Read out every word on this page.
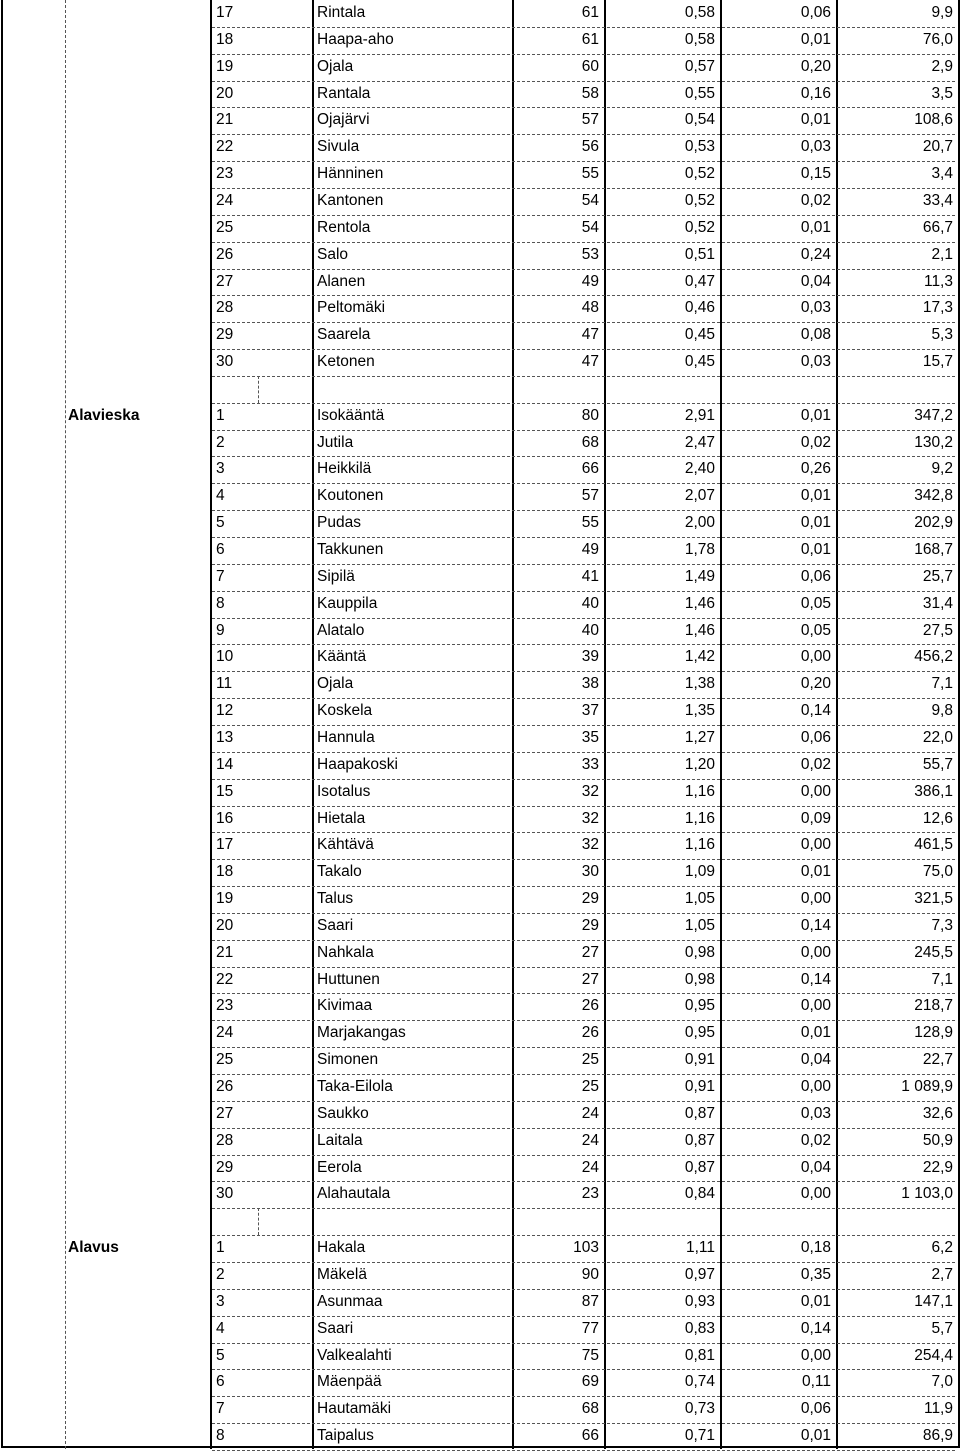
17	Rintala	61	0,58	0,06	9,9
18	Haapa-aho	61	0,58	0,01	76,0
19	Ojala	60	0,57	0,20	2,9
20	Rantala	58	0,55	0,16	3,5
21	Ojajärvi	57	0,54	0,01	108,6
22	Sivula	56	0,53	0,03	20,7
23	Hänninen	55	0,52	0,15	3,4
24	Kantonen	54	0,52	0,02	33,4
25	Rentola	54	0,52	0,01	66,7
26	Salo	53	0,51	0,24	2,1
27	Alanen	49	0,47	0,04	11,3
28	Peltomäki	48	0,46	0,03	17,3
29	Saarela	47	0,45	0,08	5,3
30	Ketonen	47	0,45	0,03	15,7
Alavieska	1	Isokääntä	80	2,91	0,01	347,2
2	Jutila	68	2,47	0,02	130,2
3	Heikkilä	66	2,40	0,26	9,2
4	Koutonen	57	2,07	0,01	342,8
5	Pudas	55	2,00	0,01	202,9
6	Takkunen	49	1,78	0,01	168,7
7	Sipilä	41	1,49	0,06	25,7
8	Kauppila	40	1,46	0,05	31,4
9	Alatalo	40	1,46	0,05	27,5
10	Kääntä	39	1,42	0,00	456,2
11	Ojala	38	1,38	0,20	7,1
12	Koskela	37	1,35	0,14	9,8
13	Hannula	35	1,27	0,06	22,0
14	Haapakoski	33	1,20	0,02	55,7
15	Isotalus	32	1,16	0,00	386,1
16	Hietala	32	1,16	0,09	12,6
17	Kähtävä	32	1,16	0,00	461,5
18	Takalo	30	1,09	0,01	75,0
19	Talus	29	1,05	0,00	321,5
20	Saari	29	1,05	0,14	7,3
21	Nahkala	27	0,98	0,00	245,5
22	Huttunen	27	0,98	0,14	7,1
23	Kivimaa	26	0,95	0,00	218,7
24	Marjakangas	26	0,95	0,01	128,9
25	Simonen	25	0,91	0,04	22,7
26	Taka-Eilola	25	0,91	0,00	1 089,9
27	Saukko	24	0,87	0,03	32,6
28	Laitala	24	0,87	0,02	50,9
29	Eerola	24	0,87	0,04	22,9
30	Alahautala	23	0,84	0,00	1 103,0
Alavus	1	Hakala	103	1,11	0,18	6,2
2	Mäkelä	90	0,97	0,35	2,7
3	Asunmaa	87	0,93	0,01	147,1
4	Saari	77	0,83	0,14	5,7
5	Valkealahti	75	0,81	0,00	254,4
6	Mäenpää	69	0,74	0,11	7,0
7	Hautamäki	68	0,73	0,06	11,9
8	Taipalus	66	0,71	0,01	86,9
